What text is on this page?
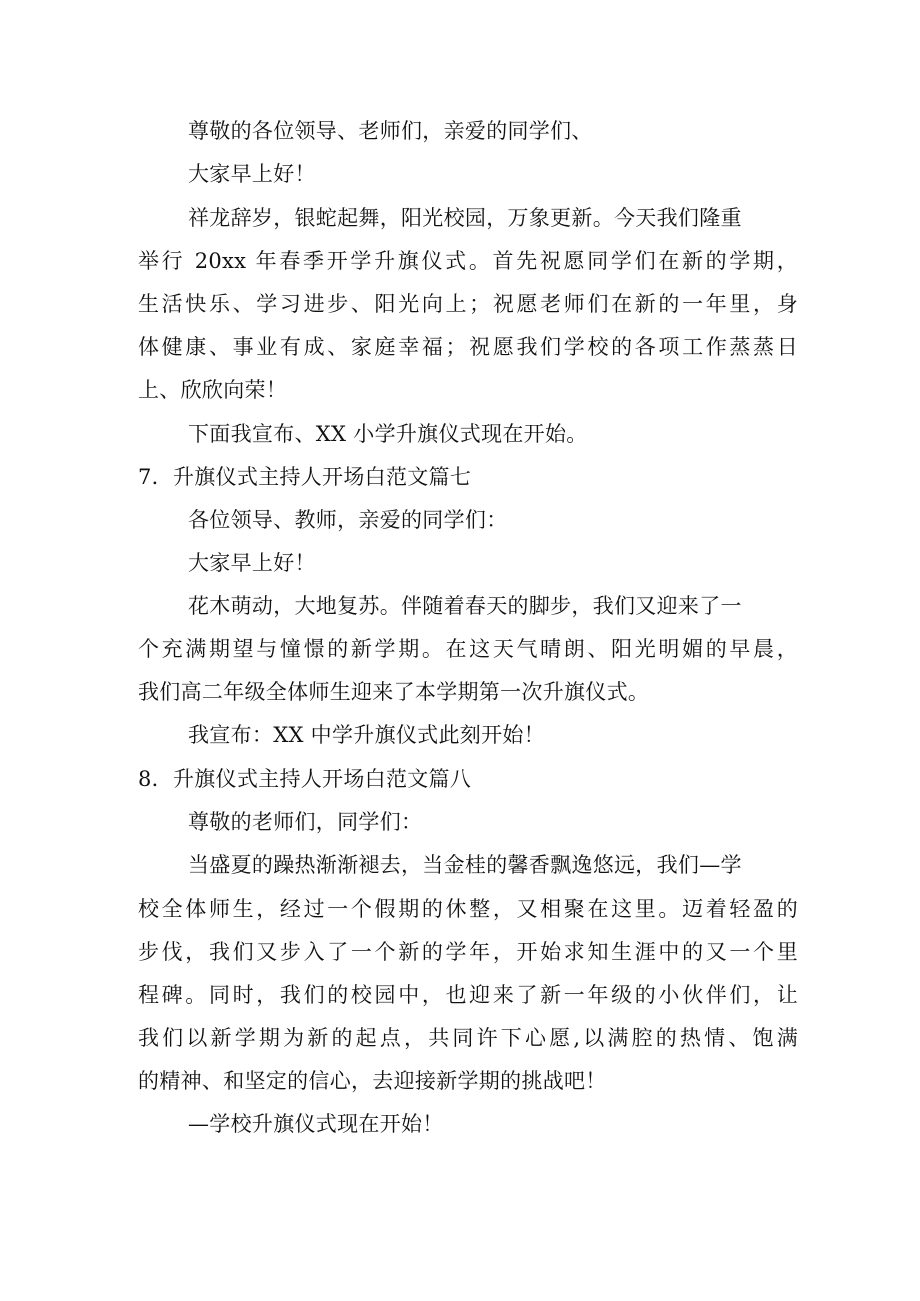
尊敬的各位领导、老师们，亲爱的同学们、
大家早上好！
祥龙辞岁，银蛇起舞，阳光校园，万象更新。今天我们隆重
举行 20xx 年春季开学升旗仪式。首先祝愿同学们在新的学期，
生活快乐、学习进步、阳光向上；祝愿老师们在新的一年里，身
体健康、事业有成、家庭幸福；祝愿我们学校的各项工作蒸蒸日
上、欣欣向荣！
下面我宣布、XX 小学升旗仪式现在开始。
7．升旗仪式主持人开场白范文篇七
各位领导、教师，亲爱的同学们：
大家早上好！
花木萌动，大地复苏。伴随着春天的脚步，我们又迎来了一
个充满期望与憧憬的新学期。在这天气晴朗、阳光明媚的早晨，
我们高二年级全体师生迎来了本学期第一次升旗仪式。
我宣布：XX 中学升旗仪式此刻开始！
8．升旗仪式主持人开场白范文篇八
尊敬的老师们，同学们：
当盛夏的躁热渐渐褪去，当金桂的馨香飘逸悠远，我们—学
校全体师生，经过一个假期的休整，又相聚在这里。迈着轻盈的
步伐，我们又步入了一个新的学年，开始求知生涯中的又一个里
程碑。同时，我们的校园中，也迎来了新一年级的小伙伴们，让
我们以新学期为新的起点，共同许下心愿,以满腔的热情、饱满
的精神、和坚定的信心，去迎接新学期的挑战吧！
—学校升旗仪式现在开始！
